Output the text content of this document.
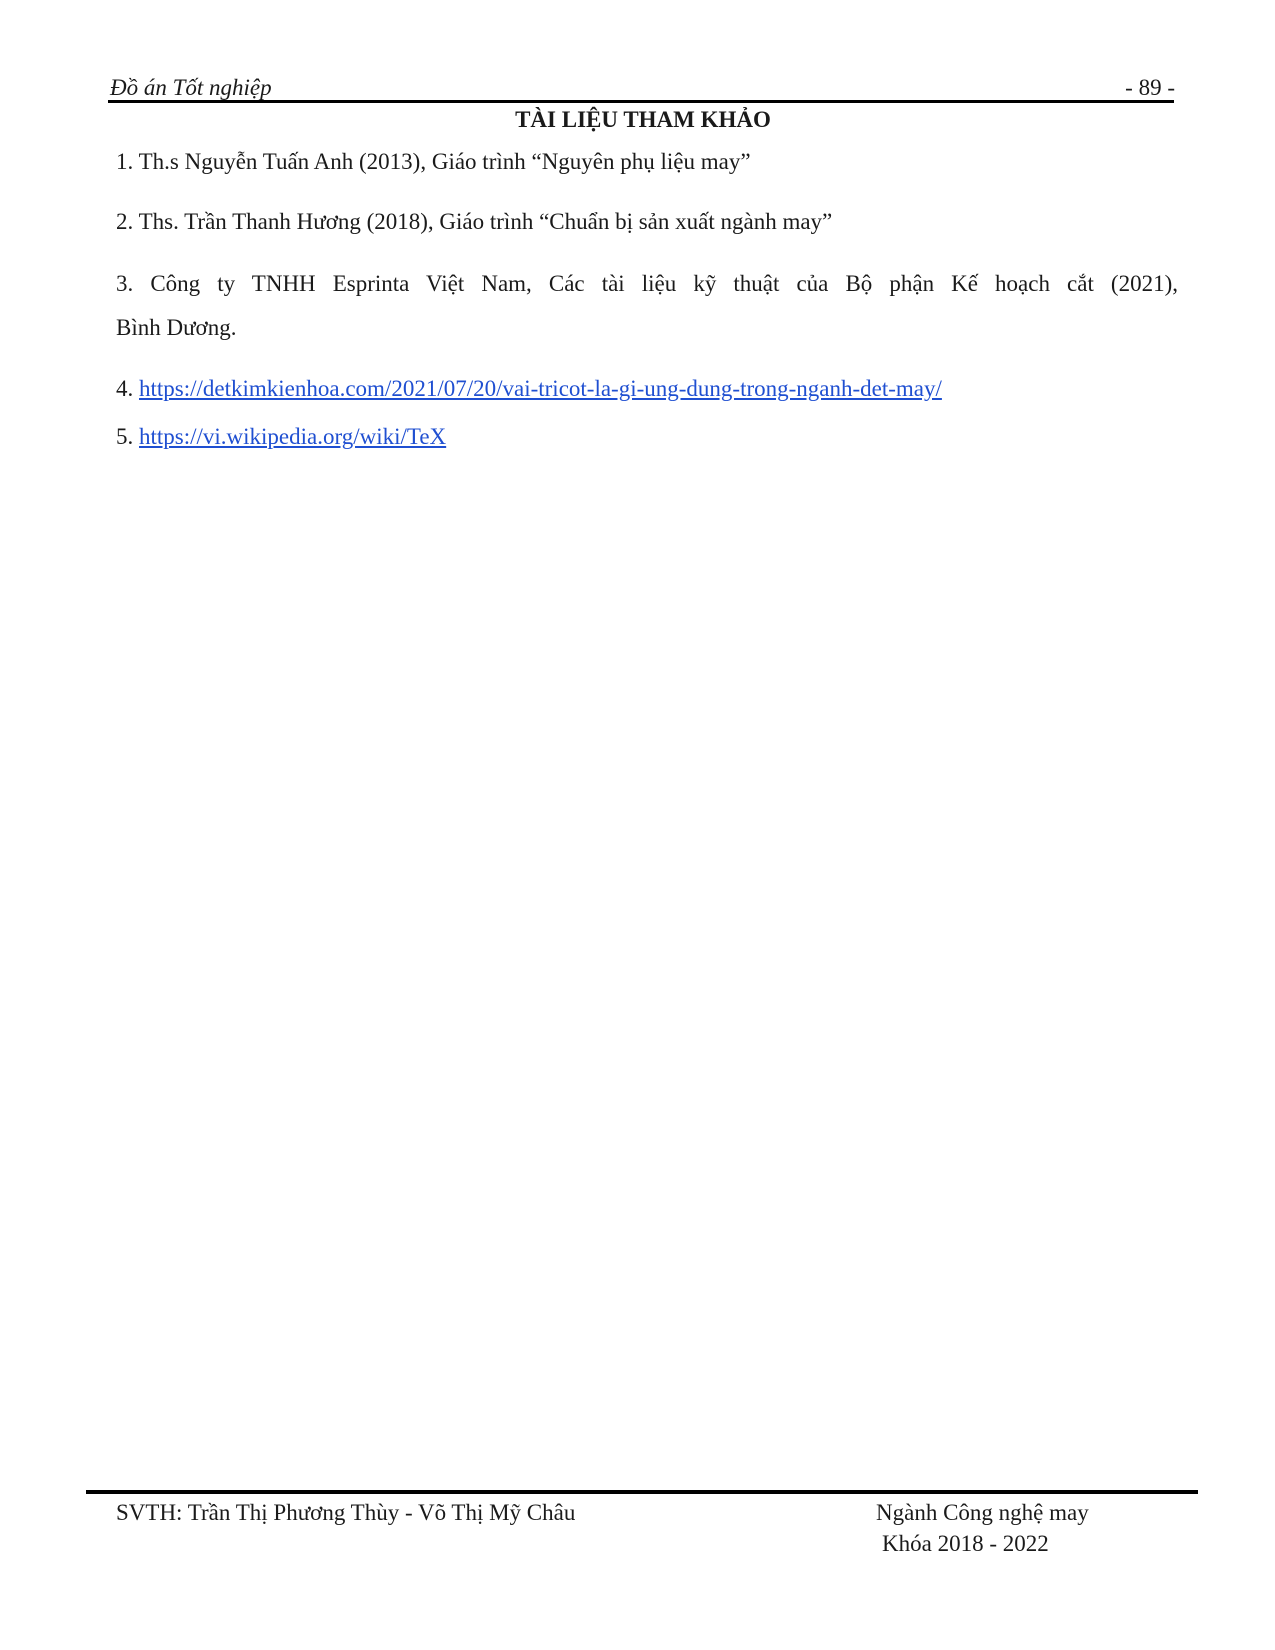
Đồ án Tốt nghiệp	- 89 -
TÀI LIỆU THAM KHẢO
1. Th.s Nguyễn Tuấn Anh (2013), Giáo trình “Nguyên phụ liệu may”
2. Ths. Trần Thanh Hương (2018), Giáo trình “Chuẩn bị sản xuất ngành may”
3. Công ty TNHH Esprinta Việt Nam, Các tài liệu kỹ thuật của Bộ phận Kế hoạch cắt (2021),
Bình Dương.
4. https://detkimkienhoa.com/2021/07/20/vai-tricot-la-gi-ung-dung-trong-nganh-det-may/
5. https://vi.wikipedia.org/wiki/TeX
SVTH: Trần Thị Phương Thùy - Võ Thị Mỹ Châu	Ngành Công nghệ may
Khóa 2018 - 2022
